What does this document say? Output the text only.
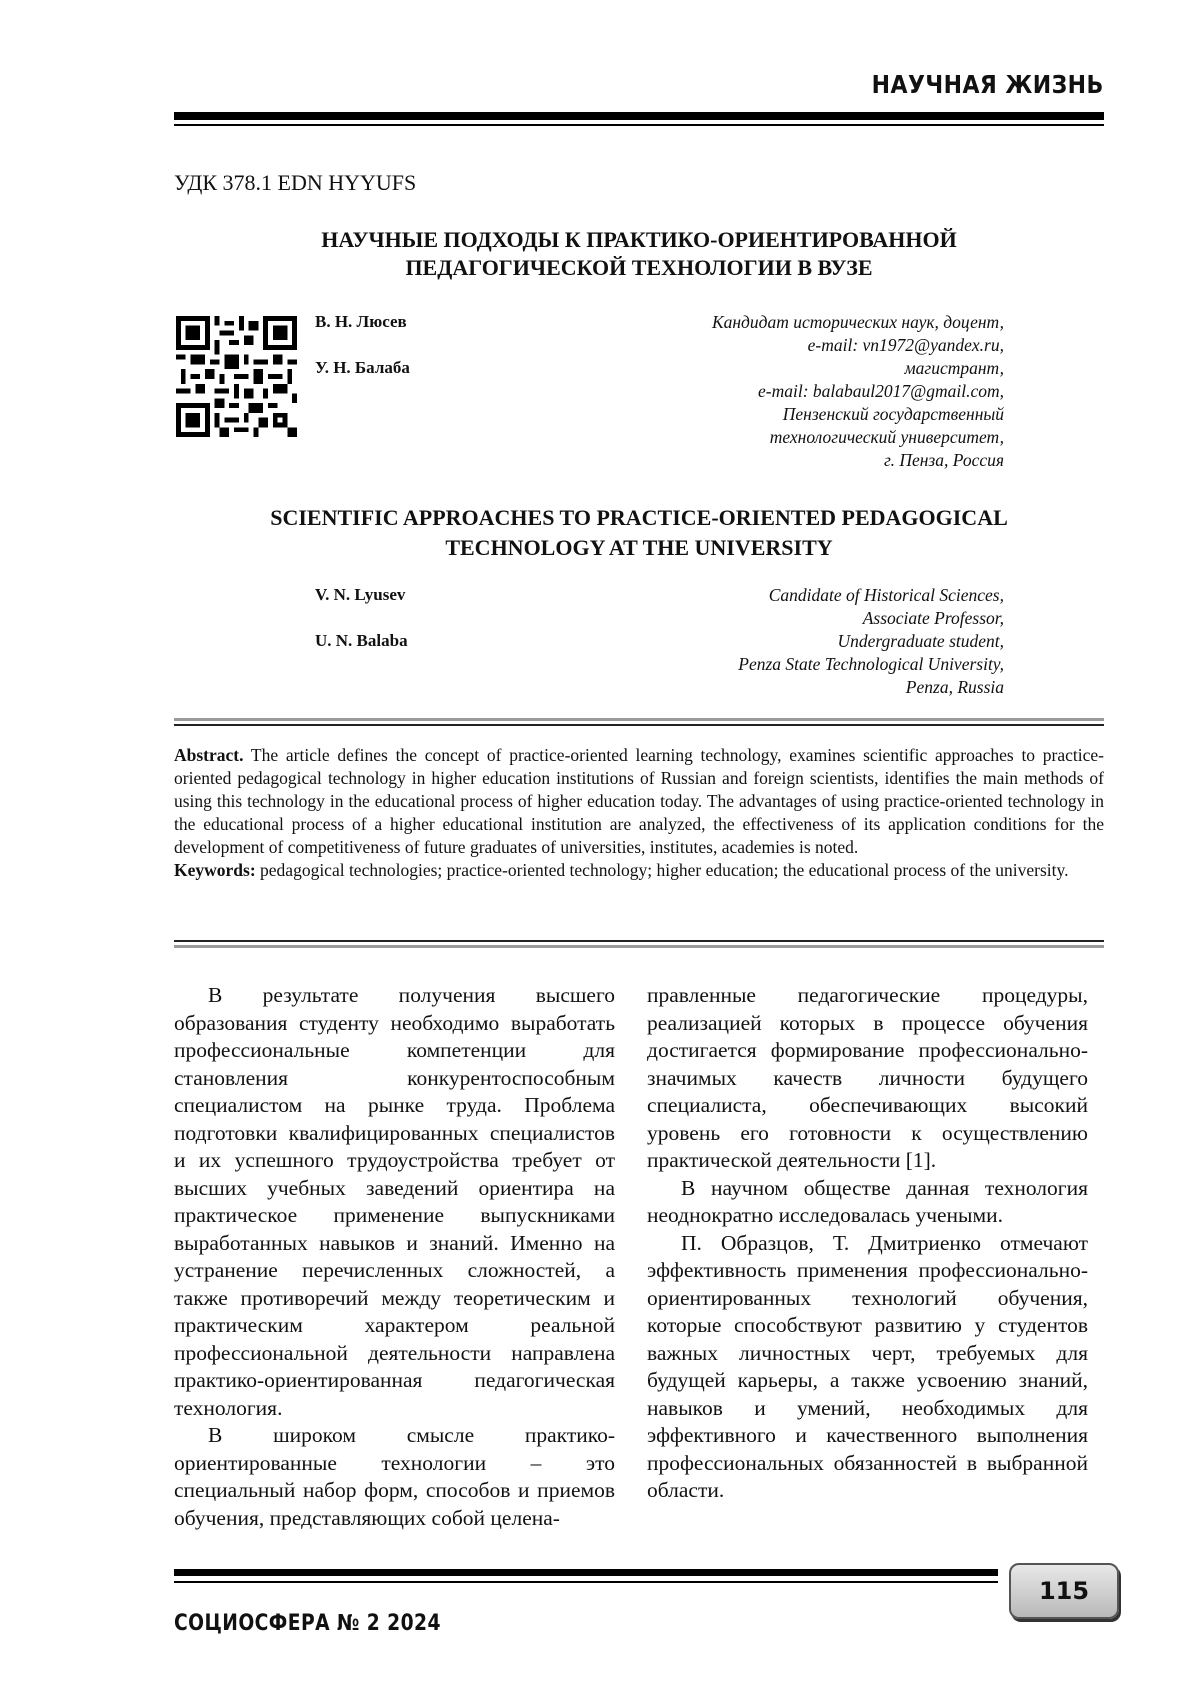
НАУЧНАЯ ЖИЗНЬ
УДК 378.1 EDN HYYUFS
НАУЧНЫЕ ПОДХОДЫ К ПРАКТИКО-ОРИЕНТИРОВАННОЙ
ПЕДАГОГИЧЕСКОЙ ТЕХНОЛОГИИ В ВУЗЕ
В. Н. Люсев
У. Н. Балаба
Кандидат исторических наук, доцент,
e-mail: vn1972@yandex.ru,
магистрант,
e-mail: balabaul2017@gmail.com,
Пензенский государственный
технологический университет,
г. Пенза, Россия
SCIENTIFIC APPROACHES TO PRACTICE-ORIENTED PEDAGOGICAL
TECHNOLOGY AT THE UNIVERSITY
V. N. Lyusev
U. N. Balaba
Candidate of Historical Sciences,
Associate Professor,
Undergraduate student,
Penza State Technological University,
Penza, Russia
Abstract. The article defines the concept of practice-oriented learning technology, examines scientific approaches to practice-oriented pedagogical technology in higher education institutions of Russian and foreign scientists, identifies the main methods of using this technology in the educational process of higher education today. The advantages of using practice-oriented technology in the educational process of a higher educational institution are analyzed, the effectiveness of its application conditions for the development of competitiveness of future graduates of universities, institutes, academies is noted.
Keywords: pedagogical technologies; practice-oriented technology; higher education; the educational process of the university.

В результате получения высшего образования студенту необходимо выработать профессиональные компетенции для становления конкурентоспособным специалистом на рынке труда. Проблема подготовки квалифицированных специалистов и их успешного трудоустройства требует от высших учебных заведений ориентира на практическое применение выпускниками выработанных навыков и знаний. Именно на устранение перечисленных сложностей, а также противоречий между теоретическим и практическим характером реальной профессиональной деятельности направлена практико-ориентированная педагогическая технология.

В широком смысле практико-ориентированные технологии – это специальный набор форм, способов и приемов обучения, представляющих собой целена-

правленные педагогические процедуры, реализацией которых в процессе обучения достигается формирование профессионально-значимых качеств личности будущего специалиста, обеспечивающих высокий уровень его готовности к осуществлению практической деятельности [1].

В научном обществе данная технология неоднократно исследовалась учеными.

П. Образцов, Т. Дмитриенко отмечают эффективность применения профессионально-ориентированных технологий обучения, которые способствуют развитию у студентов важных личностных черт, требуемых для будущей карьеры, а также усвоению знаний, навыков и умений, необходимых для эффективного и качественного выполнения профессиональных обязанностей в выбранной области.

СОЦИОСФЕРА № 2 2024
115
